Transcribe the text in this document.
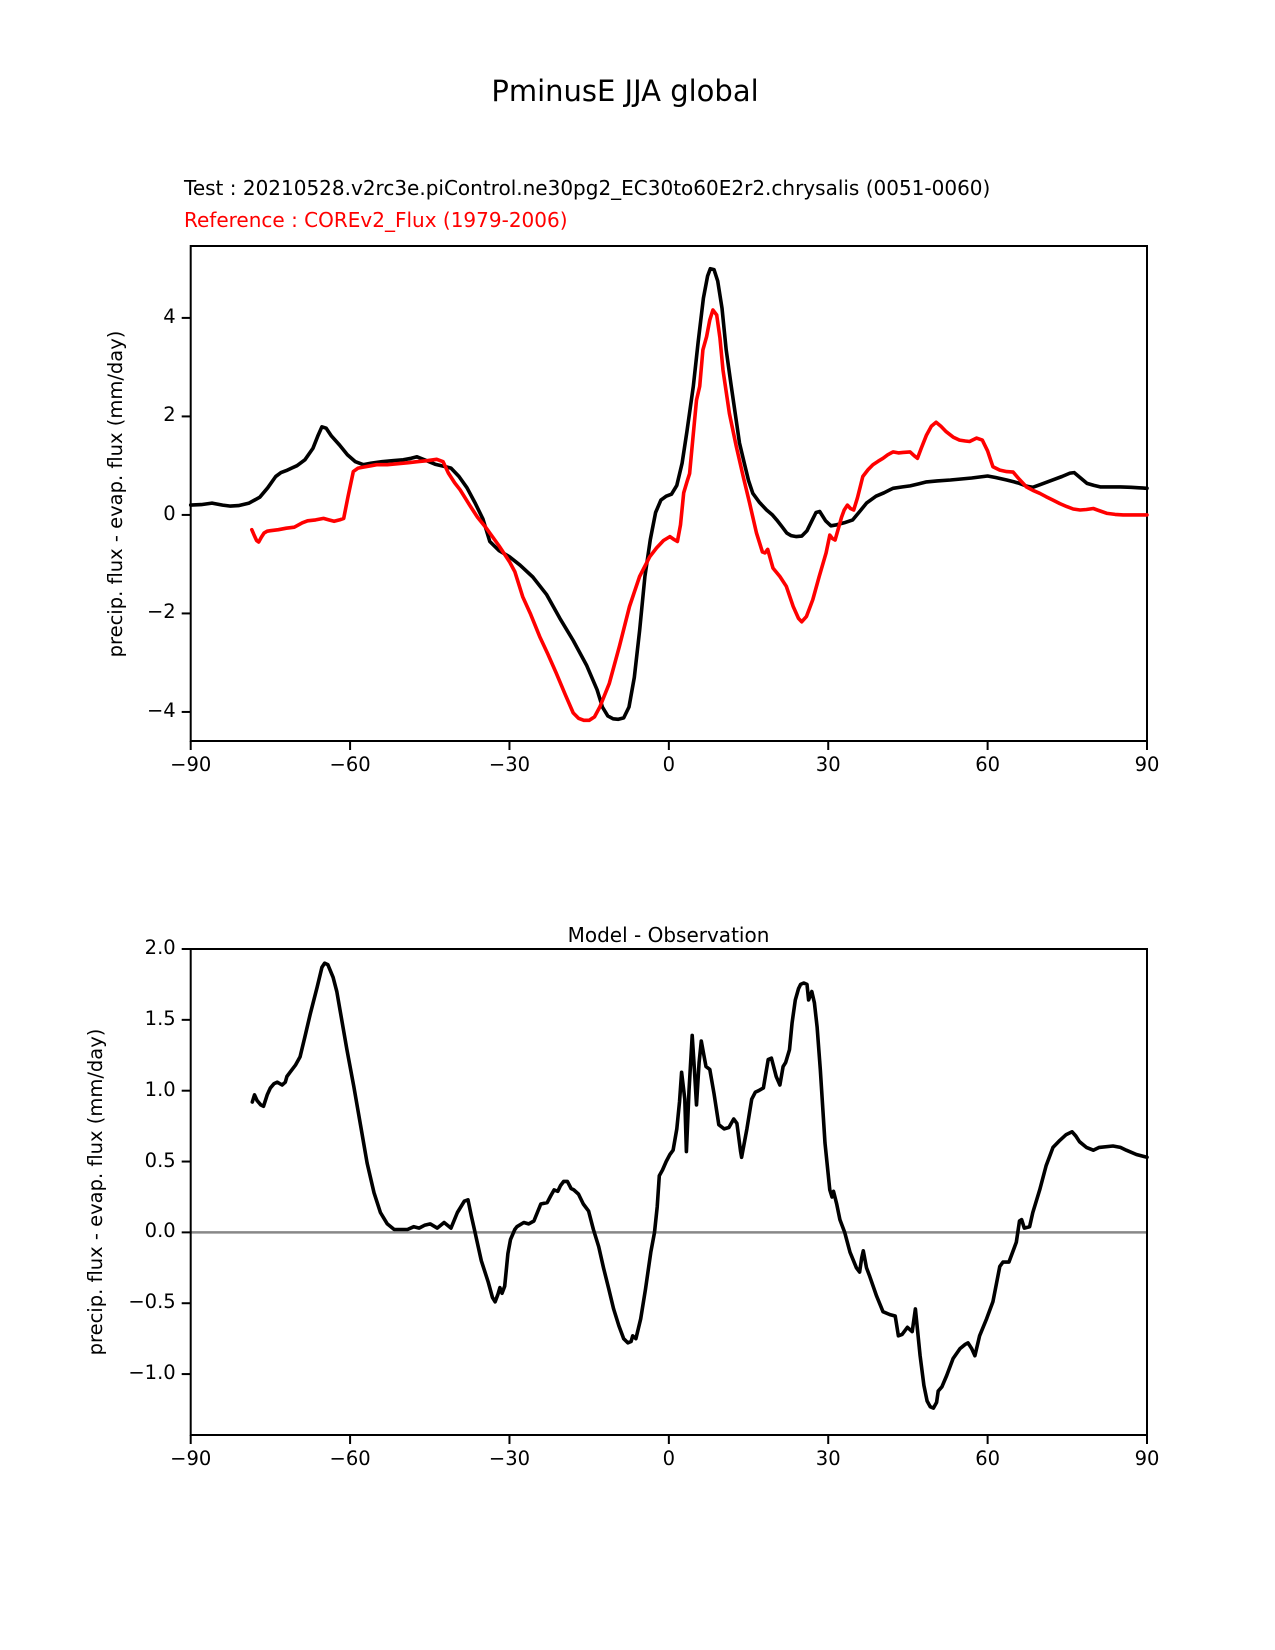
PminusE JJA global
Test : 20210528.v2rc3e.piControl.ne30pg2_EC30to60E2r2.chrysalis (0051-0060)
Reference : COREv2_Flux (1979-2006)
precip. flux - evap. flux (mm/day)
precip. flux - evap. flux (mm/day)
Model - Observation
−90	−60	−30	0	30	60	90
4
2
0
−2
−4
−90	−60	−30	0	30	60	90
2.0
1.5
1.0
0.5
0.0
−0.5
−1.0
